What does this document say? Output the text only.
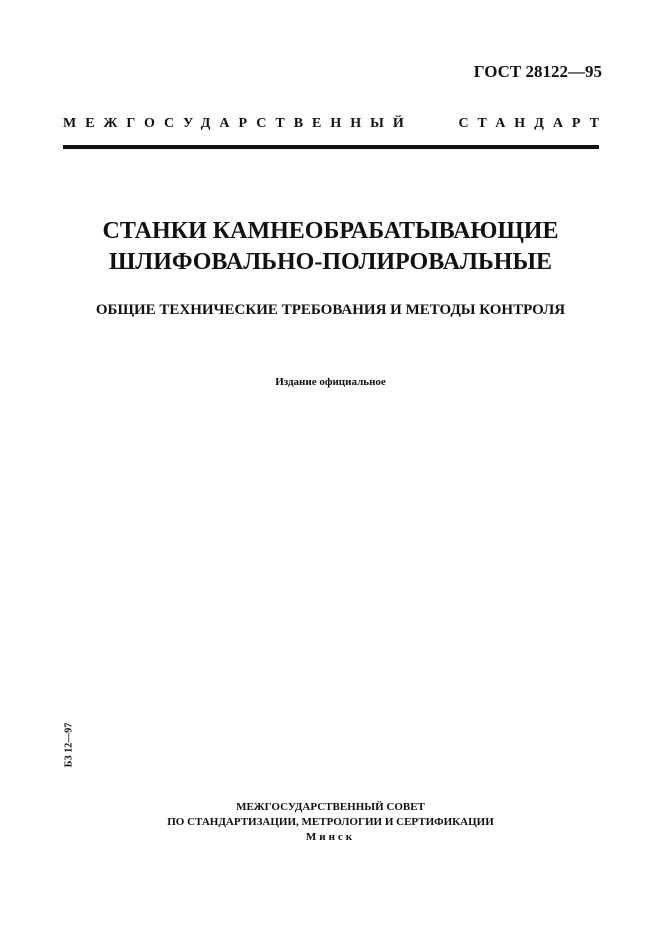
ГОСТ 28122—95
МЕЖГОСУДАРСТВЕННЫЙ	СТАНДАРТ
СТАНКИ КАМНЕОБРАБАТЫВАЮЩИЕ
ШЛИФОВАЛЬНО-ПОЛИРОВАЛЬНЫЕ
ОБЩИЕ ТЕХНИЧЕСКИЕ ТРЕБОВАНИЯ И МЕТОДЫ КОНТРОЛЯ
Издание официальное
БЗ 12—97
МЕЖГОСУДАРСТВЕННЫЙ СОВЕТ
ПО СТАНДАРТИЗАЦИИ, МЕТРОЛОГИИ И СЕРТИФИКАЦИИ
Минск
